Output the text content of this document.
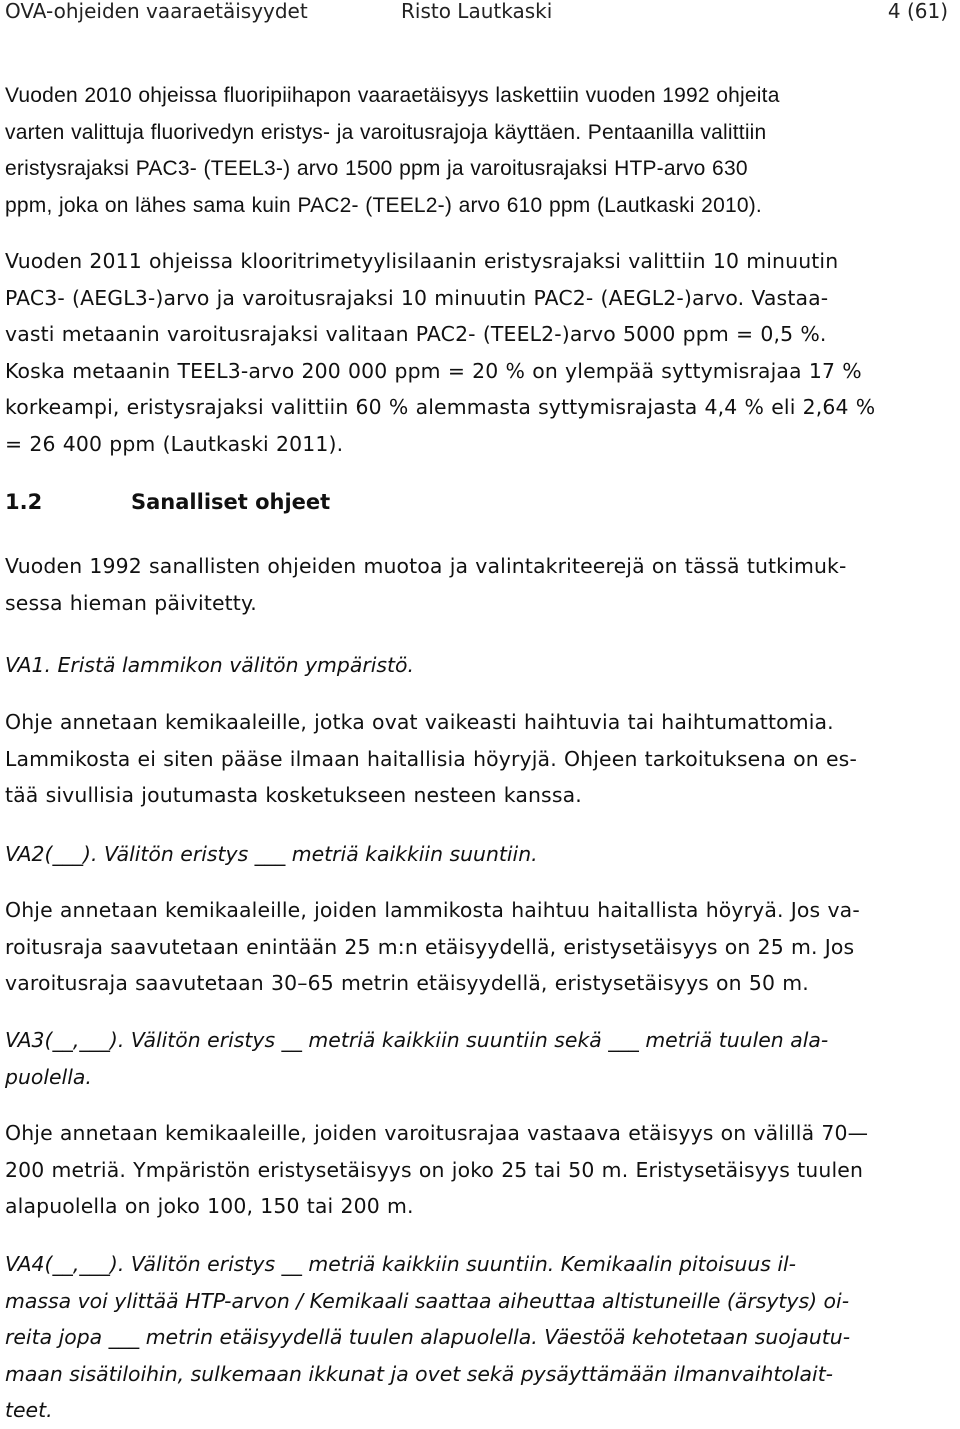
OVA-ohjeiden vaaraetäisyydet	Risto Lautkaski	4 (61)

Vuoden 2010 ohjeissa fluoripiihapon vaaraetäisyys laskettiin vuoden 1992 ohjeita

varten valittuja fluorivedyn eristys- ja varoitusrajoja käyttäen. Pentaanilla valittiin

eristysrajaksi PAC3- (TEEL3-) arvo 1500 ppm ja varoitusrajaksi HTP-arvo 630

ppm, joka on lähes sama kuin PAC2- (TEEL2-) arvo 610 ppm (Lautkaski 2010).

Vuoden 2011 ohjeissa klooritrimetyylisilaanin eristysrajaksi valittiin 10 minuutin

PAC3- (AEGL3-)arvo ja varoitusrajaksi 10 minuutin PAC2- (AEGL2-)arvo. Vastaa-

vasti metaanin varoitusrajaksi valitaan PAC2- (TEEL2-)arvo 5000 ppm = 0,5 %.

Koska metaanin TEEL3-arvo 200 000 ppm = 20 % on ylempää syttymisrajaa 17 %

korkeampi, eristysrajaksi valittiin 60 % alemmasta syttymisrajasta 4,4 % eli 2,64 %

= 26 400 ppm (Lautkaski 2011).

1.2	Sanalliset ohjeet

Vuoden 1992 sanallisten ohjeiden muotoa ja valintakriteerejä on tässä tutkimuk-

sessa hieman päivitetty.

VA1. Eristä lammikon välitön ympäristö.

Ohje annetaan kemikaaleille, jotka ovat vaikeasti haihtuvia tai haihtumattomia.

Lammikosta ei siten pääse ilmaan haitallisia höyryjä. Ohjeen tarkoituksena on es-

tää sivullisia joutumasta kosketukseen nesteen kanssa.

VA2(___). Välitön eristys ___ metriä kaikkiin suuntiin.

Ohje annetaan kemikaaleille, joiden lammikosta haihtuu haitallista höyryä. Jos va-

roitusraja saavutetaan enintään 25 m:n etäisyydellä, eristysetäisyys on 25 m. Jos

varoitusraja saavutetaan 30–65 metrin etäisyydellä, eristysetäisyys on 50 m.

VA3(__,___). Välitön eristys __ metriä kaikkiin suuntiin sekä ___ metriä tuulen ala-

puolella.

Ohje annetaan kemikaaleille, joiden varoitusrajaa vastaava etäisyys on välillä 70—

200 metriä. Ympäristön eristysetäisyys on joko 25 tai 50 m. Eristysetäisyys tuulen

alapuolella on joko 100, 150 tai 200 m.

VA4(__,___). Välitön eristys __ metriä kaikkiin suuntiin. Kemikaalin pitoisuus il-

massa voi ylittää HTP-arvon / Kemikaali saattaa aiheuttaa altistuneille (ärsytys) oi-

reita jopa ___ metrin etäisyydellä tuulen alapuolella. Väestöä kehotetaan suojautu-

maan sisätiloihin, sulkemaan ikkunat ja ovet sekä pysäyttämään ilmanvaihtolait-

teet.
